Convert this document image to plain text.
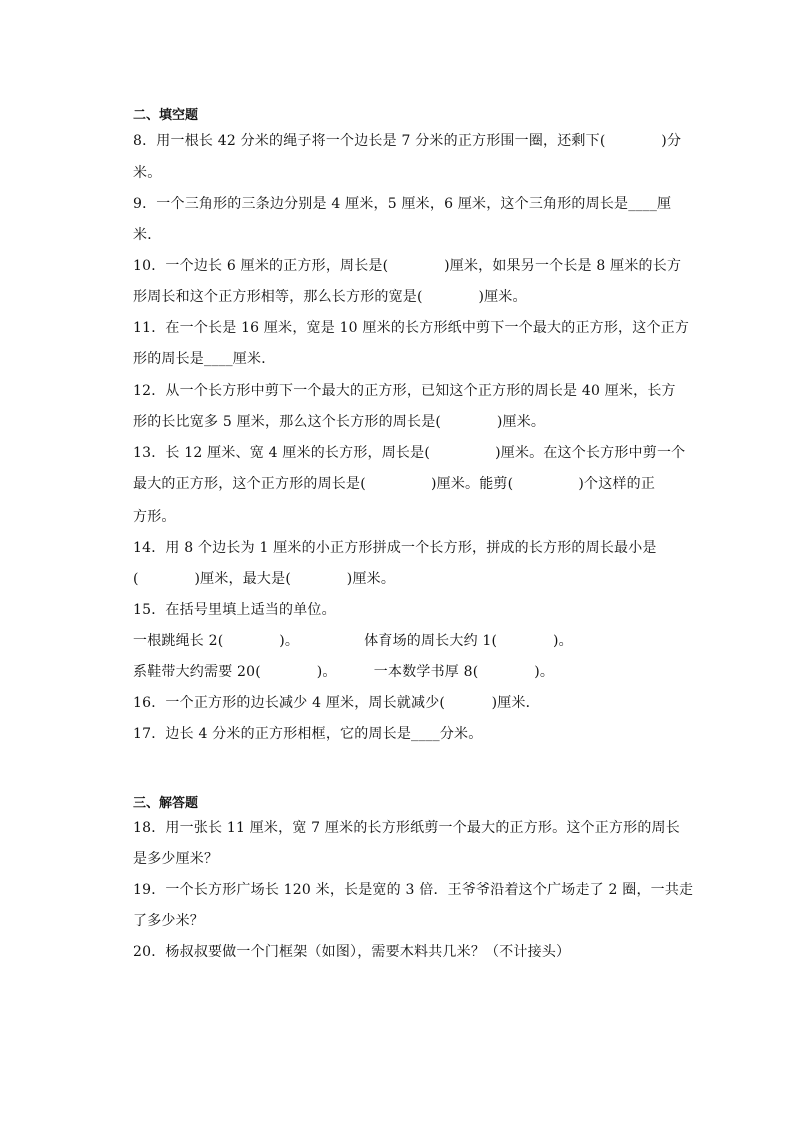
二、填空题
8．用一根长 42 分米的绳子将一个边长是 7 分米的正方形围一圈，还剩下(            )分
米。
9．一个三角形的三条边分别是 4 厘米，5 厘米，6 厘米，这个三角形的周长是____厘
米．
10．一个边长 6 厘米的正方形，周长是(            )厘米，如果另一个长是 8 厘米的长方
形周长和这个正方形相等，那么长方形的宽是(            )厘米。
11．在一个长是 16 厘米，宽是 10 厘米的长方形纸中剪下一个最大的正方形，这个正方
形的周长是____厘米．
12．从一个长方形中剪下一个最大的正方形，已知这个正方形的周长是 40 厘米，长方
形的长比宽多 5 厘米，那么这个长方形的周长是(            )厘米。
13．长 12 厘米、宽 4 厘米的长方形，周长是(              )厘米。在这个长方形中剪一个
最大的正方形，这个正方形的周长是(              )厘米。能剪(              )个这样的正
方形。
14．用 8 个边长为 1 厘米的小正方形拼成一个长方形，拼成的长方形的周长最小是
(            )厘米，最大是(            )厘米。
15．在括号里填上适当的单位。
一根跳绳长 2(            )。              体育场的周长大约 1(            )。
系鞋带大约需要 20(            )。        一本数学书厚 8(            )。
16．一个正方形的边长减少 4 厘米，周长就减少(          )厘米．
17．边长 4 分米的正方形相框，它的周长是____分米。
三、解答题
18．用一张长 11 厘米，宽 7 厘米的长方形纸剪一个最大的正方形。这个正方形的周长
是多少厘米？
19．一个长方形广场长 120 米，长是宽的 3 倍．王爷爷沿着这个广场走了 2 圈，一共走
了多少米？
20．杨叔叔要做一个门框架（如图），需要木料共几米？（不计接头）
